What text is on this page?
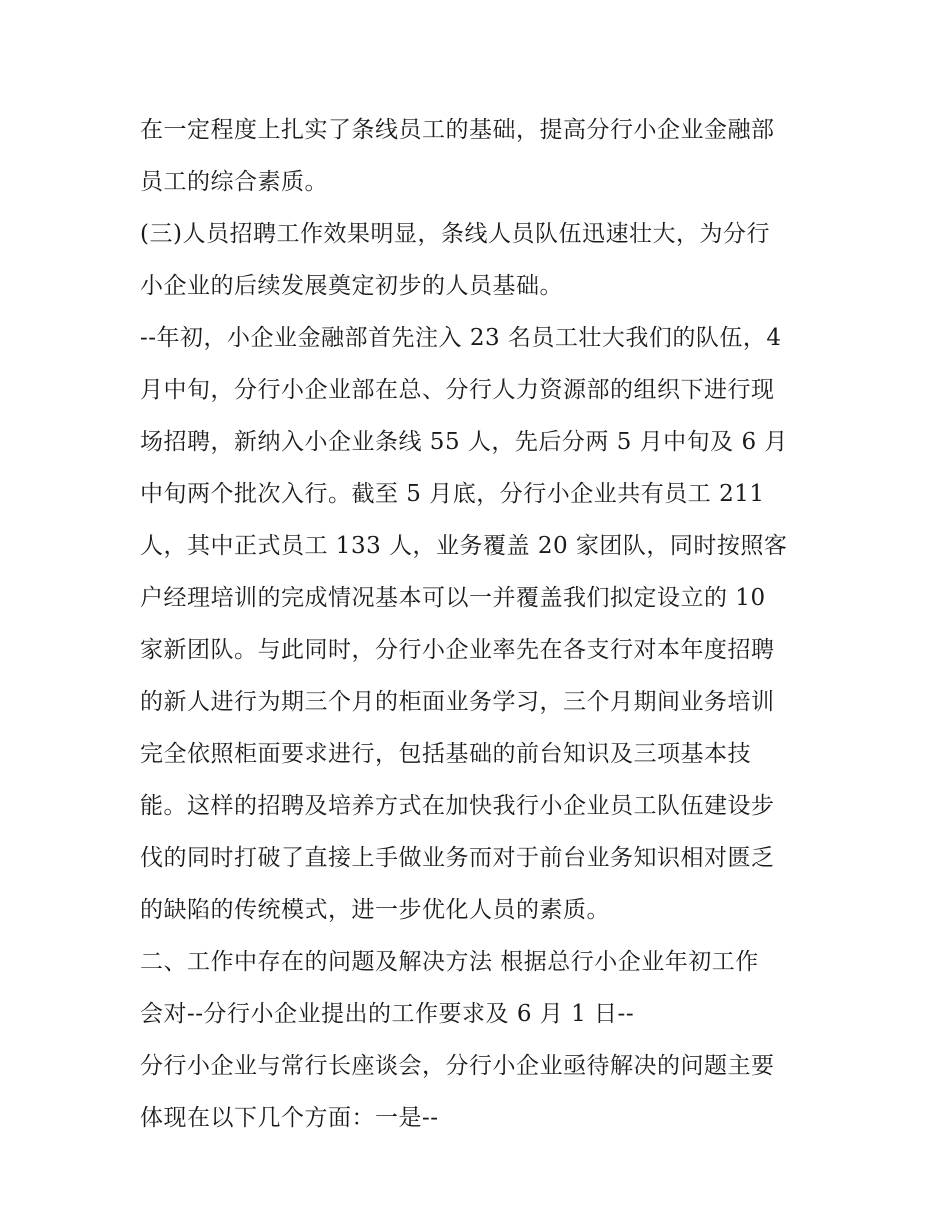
在一定程度上扎实了条线员工的基础，提高分行小企业金融部
员工的综合素质。
(三)人员招聘工作效果明显，条线人员队伍迅速壮大，为分行
小企业的后续发展奠定初步的人员基础。
--年初，小企业金融部首先注入 23 名员工壮大我们的队伍，4
月中旬，分行小企业部在总、分行人力资源部的组织下进行现
场招聘，新纳入小企业条线 55 人，先后分两 5 月中旬及 6 月
中旬两个批次入行。截至 5 月底，分行小企业共有员工 211
人，其中正式员工 133 人，业务覆盖 20 家团队，同时按照客
户经理培训的完成情况基本可以一并覆盖我们拟定设立的 10
家新团队。与此同时，分行小企业率先在各支行对本年度招聘
的新人进行为期三个月的柜面业务学习，三个月期间业务培训
完全依照柜面要求进行，包括基础的前台知识及三项基本技
能。这样的招聘及培养方式在加快我行小企业员工队伍建设步
伐的同时打破了直接上手做业务而对于前台业务知识相对匮乏
的缺陷的传统模式，进一步优化人员的素质。
二、工作中存在的问题及解决方法 根据总行小企业年初工作
会对--分行小企业提出的工作要求及 6 月 1 日--
分行小企业与常行长座谈会，分行小企业亟待解决的问题主要
体现在以下几个方面：一是--
